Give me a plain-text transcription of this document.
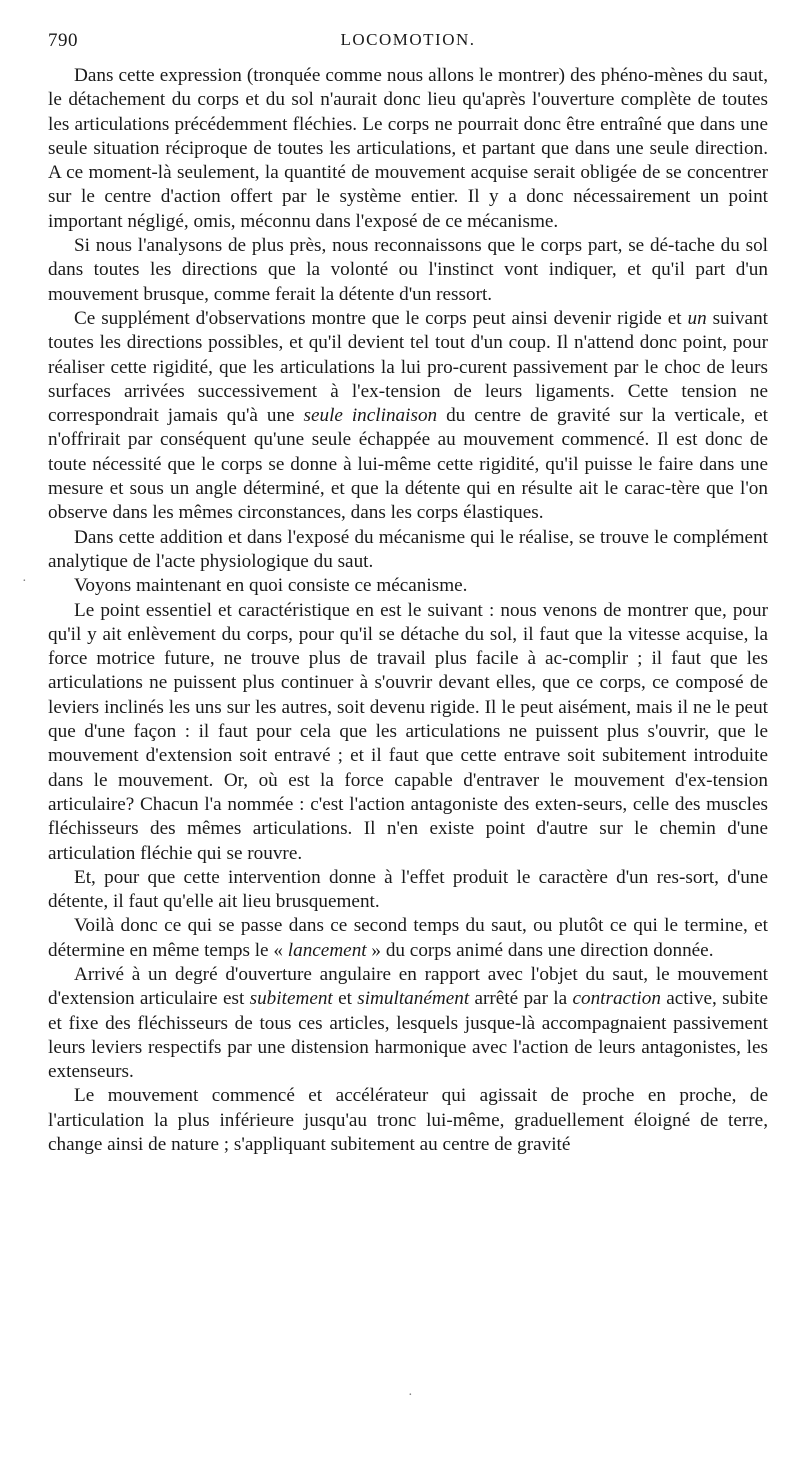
790	LOCOMOTION.

Dans cette expression (tronquée comme nous allons le montrer) des phéno-mènes du saut, le détachement du corps et du sol n'aurait donc lieu qu'après l'ouverture complète de toutes les articulations précédemment fléchies. Le corps ne pourrait donc être entraîné que dans une seule situation réciproque de toutes les articulations, et partant que dans une seule direction. A ce moment-là seulement, la quantité de mouvement acquise serait obligée de se concentrer sur le centre d'action offert par le système entier. Il y a donc nécessairement un point important négligé, omis, méconnu dans l'exposé de ce mécanisme.

Si nous l'analysons de plus près, nous reconnaissons que le corps part, se dé-tache du sol dans toutes les directions que la volonté ou l'instinct vont indiquer, et qu'il part d'un mouvement brusque, comme ferait la détente d'un ressort.

Ce supplément d'observations montre que le corps peut ainsi devenir rigide et un suivant toutes les directions possibles, et qu'il devient tel tout d'un coup. Il n'attend donc point, pour réaliser cette rigidité, que les articulations la lui pro-curent passivement par le choc de leurs surfaces arrivées successivement à l'ex-tension de leurs ligaments. Cette tension ne correspondrait jamais qu'à une seule inclinaison du centre de gravité sur la verticale, et n'offrirait par conséquent qu'une seule échappée au mouvement commencé. Il est donc de toute nécessité que le corps se donne à lui-même cette rigidité, qu'il puisse le faire dans une mesure et sous un angle déterminé, et que la détente qui en résulte ait le carac-tère que l'on observe dans les mêmes circonstances, dans les corps élastiques.

Dans cette addition et dans l'exposé du mécanisme qui le réalise, se trouve le complément analytique de l'acte physiologique du saut.

Voyons maintenant en quoi consiste ce mécanisme.

Le point essentiel et caractéristique en est le suivant : nous venons de montrer que, pour qu'il y ait enlèvement du corps, pour qu'il se détache du sol, il faut que la vitesse acquise, la force motrice future, ne trouve plus de travail plus facile à ac-complir ; il faut que les articulations ne puissent plus continuer à s'ouvrir devant elles, que ce corps, ce composé de leviers inclinés les uns sur les autres, soit devenu rigide. Il le peut aisément, mais il ne le peut que d'une façon : il faut pour cela que les articulations ne puissent plus s'ouvrir, que le mouvement d'extension soit entravé ; et il faut que cette entrave soit subitement introduite dans le mouvement. Or, où est la force capable d'entraver le mouvement d'ex-tension articulaire? Chacun l'a nommée : c'est l'action antagoniste des exten-seurs, celle des muscles fléchisseurs des mêmes articulations. Il n'en existe point d'autre sur le chemin d'une articulation fléchie qui se rouvre.

Et, pour que cette intervention donne à l'effet produit le caractère d'un res-sort, d'une détente, il faut qu'elle ait lieu brusquement.

Voilà donc ce qui se passe dans ce second temps du saut, ou plutôt ce qui le termine, et détermine en même temps le « lancement » du corps animé dans une direction donnée.

Arrivé à un degré d'ouverture angulaire en rapport avec l'objet du saut, le mouvement d'extension articulaire est subitement et simultanément arrêté par la contraction active, subite et fixe des fléchisseurs de tous ces articles, lesquels jusque-là accompagnaient passivement leurs leviers respectifs par une distension harmonique avec l'action de leurs antagonistes, les extenseurs.

Le mouvement commencé et accélérateur qui agissait de proche en proche, de l'articulation la plus inférieure jusqu'au tronc lui-même, graduellement éloigné de terre, change ainsi de nature ; s'appliquant subitement au centre de gravité

·
·
